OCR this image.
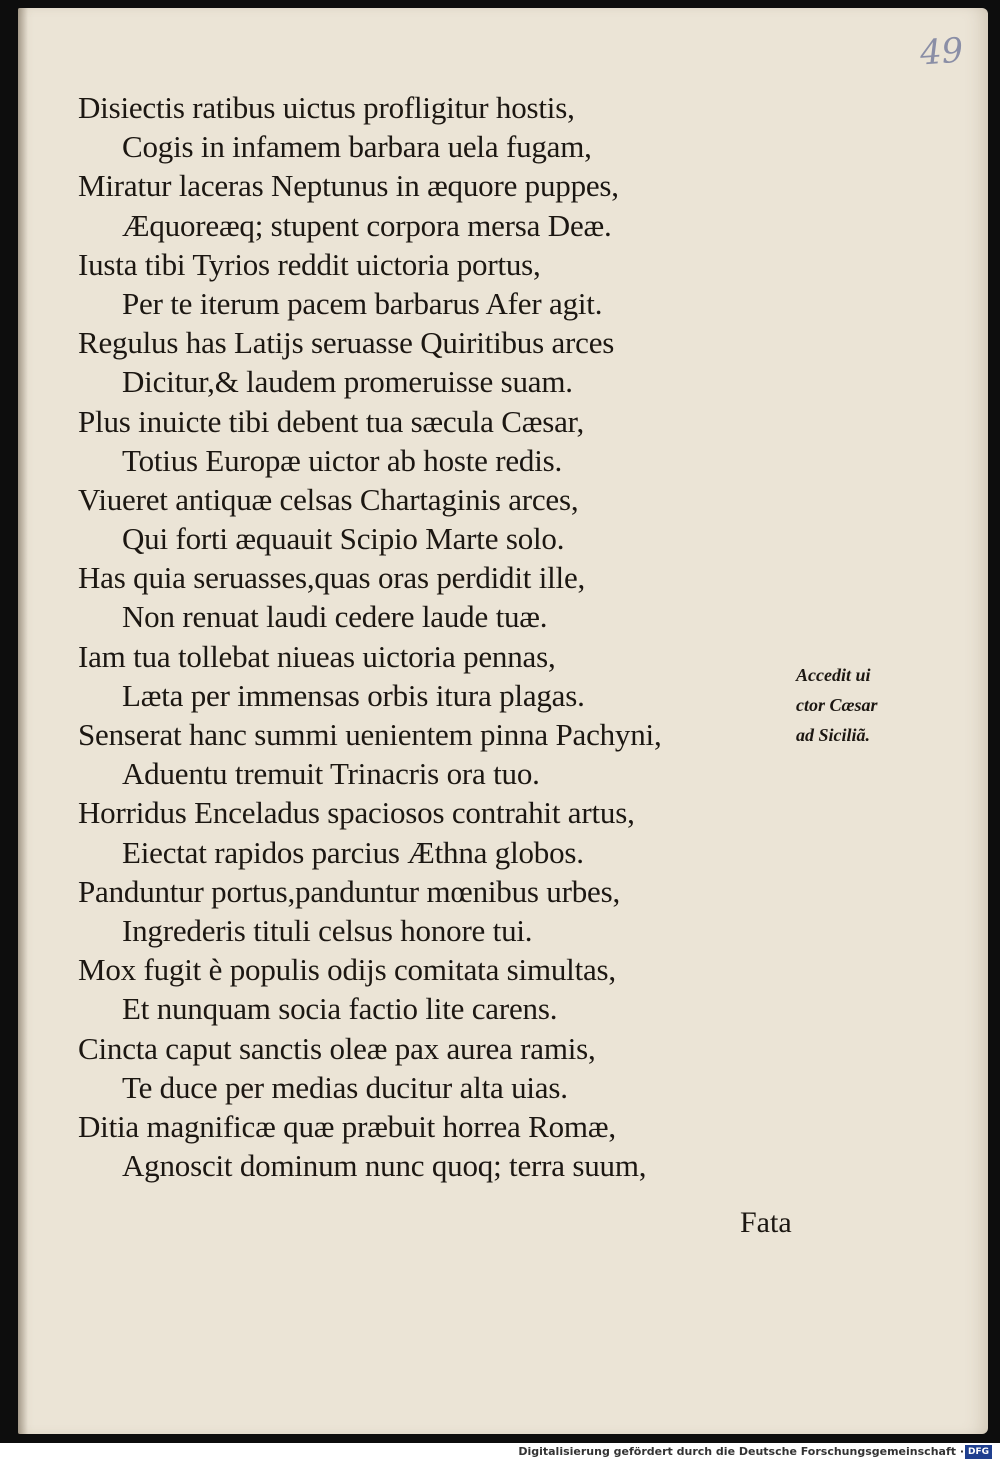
49
Disiectis ratibus uictus profligitur hostis,
Cogis in infamem barbara uela fugam,
Miratur laceras Neptunus in æquore puppes,
Æquoreæq; stupent corpora mersa Deæ.
Iusta tibi Tyrios reddit uictoria portus,
Per te iterum pacem barbarus Afer agit.
Regulus has Latijs seruasse Quiritibus arces
Dicitur,& laudem promeruisse suam.
Plus inuicte tibi debent tua sæcula Cæsar,
Totius Europæ uictor ab hoste redis.
Viueret antiquæ celsas Chartaginis arces,
Qui forti æquauit Scipio Marte solo.
Has quia seruasses,quas oras perdidit ille,
Non renuat laudi cedere laude tuæ.
Iam tua tollebat niueas uictoria pennas,
Læta per immensas orbis itura plagas.
Senserat hanc summi uenientem pinna Pachyni,
Aduentu tremuit Trinacris ora tuo.
Horridus Enceladus spaciosos contrahit artus,
Eiectat rapidos parcius Æthna globos.
Panduntur portus,panduntur mœnibus urbes,
Ingrederis tituli celsus honore tui.
Mox fugit è populis odijs comitata simultas,
Et nunquam socia factio lite carens.
Cincta caput sanctis oleæ pax aurea ramis,
Te duce per medias ducitur alta uias.
Ditia magnificæ quæ præbuit horrea Romæ,
Agnoscit dominum nunc quoq; terra suum,
Accedit ui
ctor Cæsar
ad Siciliã.
Fata
Digitalisierung gefördert durch die Deutsche Forschungsgemeinschaft · DFG
